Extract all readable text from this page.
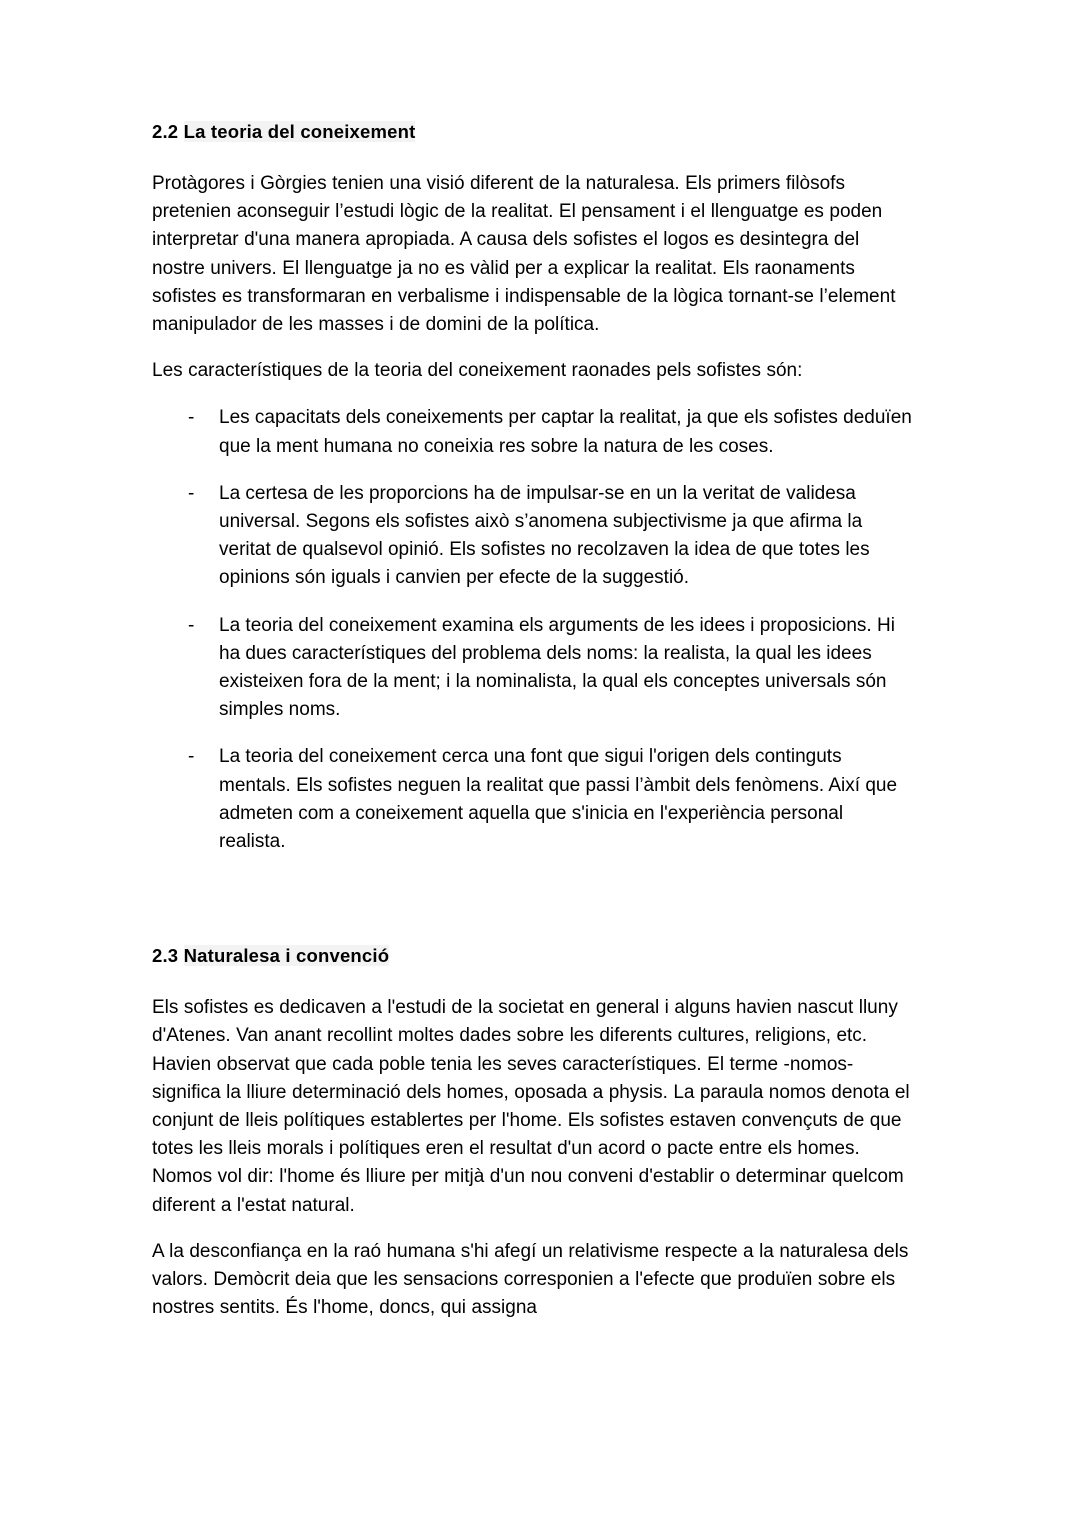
2.2 La teoria del coneixement

Protàgores i Gòrgies tenien una visió diferent de la naturalesa. Els primers filòsofs pretenien aconseguir l’estudi lògic de la realitat. El pensament i el llenguatge es poden interpretar d'una manera apropiada. A causa dels sofistes el logos es desintegra del nostre univers. El llenguatge ja no es vàlid per a explicar la realitat. Els raonaments sofistes es transformaran en verbalisme i indispensable de la lògica tornant-se l’element manipulador de les masses i de domini de la política.

Les característiques de la teoria del coneixement raonades pels sofistes són:

- Les capacitats dels coneixements per captar la realitat, ja que els sofistes deduïen que la ment humana no coneixia res sobre la natura de les coses.
- La certesa de les proporcions ha de impulsar-se en un la veritat de validesa universal. Segons els sofistes això s’anomena subjectivisme ja que afirma la veritat de qualsevol opinió. Els sofistes no recolzaven la idea de que totes les opinions són iguals i canvien per efecte de la suggestió.
- La teoria del coneixement examina els arguments de les idees i proposicions. Hi ha dues característiques del problema dels noms: la realista, la qual les idees existeixen fora de la ment; i la nominalista, la qual els conceptes universals són simples noms.
- La teoria del coneixement cerca una font que sigui l'origen dels continguts mentals. Els sofistes neguen la realitat que passi l’àmbit dels fenòmens. Així que admeten com a coneixement aquella que s'inicia en l'experiència personal realista.
2.3 Naturalesa i convenció

Els sofistes es dedicaven a l'estudi de la societat en general i alguns havien nascut lluny d'Atenes. Van anant recollint moltes dades sobre les diferents cultures, religions, etc. Havien observat que cada poble tenia les seves característiques. El terme -nomos- significa la lliure determinació dels homes, oposada a physis. La paraula nomos denota el conjunt de lleis polítiques establertes per l'home. Els sofistes estaven convençuts de que totes les lleis morals i polítiques eren el resultat d'un acord o pacte entre els homes. Nomos vol dir: l'home és lliure per mitjà d'un nou conveni d'establir o determinar quelcom diferent a l'estat natural.

A la desconfiança en la raó humana s'hi afegí un relativisme respecte a la naturalesa dels valors. Demòcrit deia que les sensacions corresponien a l'efecte que produïen sobre els nostres sentits. És l'home, doncs, qui assigna
